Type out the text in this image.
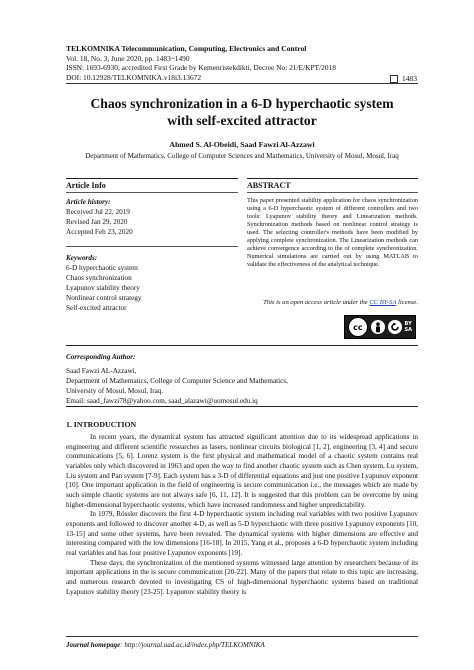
TELKOMNIKA Telecommunication, Computing, Electronics and Control
Vol. 18, No. 3, June 2020, pp. 1483~1490
ISSN: 1693-6930, accredited First Grade by Kemenristekdikti, Decree No: 21/E/KPT/2018
DOI: 10.12928/TELKOMNIKA.v18i3.13672	1483
Chaos synchronization in a 6-D hyperchaotic system
with self-excited attractor
Ahmed S. Al-Obeidi, Saad Fawzi Al-Azzawi
Department of Mathematics, College of Computer Sciences and Mathematics, University of Mosul, Mosul, Iraq
Article Info	ABSTRACT
Article history:
Received Jul 22, 2019
Revised Jan 29, 2020
Accepted Feb 23, 2020
Keywords:
6-D hyperchaotic system
Chaos synchronization
Lyapunov stability theory
Nonlinear control strategy
Self-excited attractor
This paper presented stability application for chaos synchronization using a 6-D hyperchaotic system of different controllers and two tools: Lyapunov stability theory and Linearization methods. Synchronization methods based on nonlinear control strategy is used. The selecting controller's methods have been modified by applying complete synchronization. The Linearization methods can achieve convergence according to the of complete synchronization. Numerical simulations are carried out by using MATLAB to validate the effectiveness of the analytical technique.
This is an open access article under the CC BY-SA license.
cc	BY
SA
Corresponding Author:
Saad Fawzi AL-Azzawi,
Department of Mathematics, College of Computer Science and Mathematics,
University of Mosul, Mosul, Iraq.
Email: saad_fawzi78@yahoo.com, saad_alazawi@uomosul.edu.iq
1. INTRODUCTION

In recent years, the dynamical system has attracted significant attention due to its widespread applications in engineering and different scientific researches as lasers, nonlinear circuits biological [1, 2], engineering [3, 4] and secure communications [5, 6]. Lorenz system is the first physical and mathematical model of a chaotic system contains real variables only which discovered in 1963 and open the way to find another chaotic system such as Chen system, Lu system, Liu system and Pan system [7-9]. Each system has a 3-D of differential equations and just one positive Lyapunov exponent [10]. One important application in the field of engineering is secure communication i.e., the messages which are made by such simple chaotic systems are not always safe [6, 11, 12]. It is suggested that this problem can be overcome by using higher-dimensional hyperchaotic systems, which have increased randomness and higher unpredictability.

In 1979, Rössler discovers the first 4-D hyperchaotic system including real variables with two positive Lyapunov exponents and followed to discover another 4-D, as well as 5-D hyperchaotic with three positive Lyapunov exponents [10, 13-15] and some other systems, have been revealed. The dynamical systems with higher dimensions are effective and interesting compared with the low dimensions [16-18]. In 2015, Yang et al., proposes a 6-D hyperchaotic system including real variables and has four positive Lyapunov exponents [19].

These days, the synchronization of the mentioned systems witnessed large attention by researchers because of its important applications in the is secure communication [20-22]. Many of the papers that relate to this topic are increasing, and numerous research devoted to investigating CS of high-dimensional hyperchaotic systems based on traditional Lyapunov stability theory [23-25]. Lyapunov stability theory is

Journal homepage: http://journal.uad.ac.id/index.php/TELKOMNIKA
